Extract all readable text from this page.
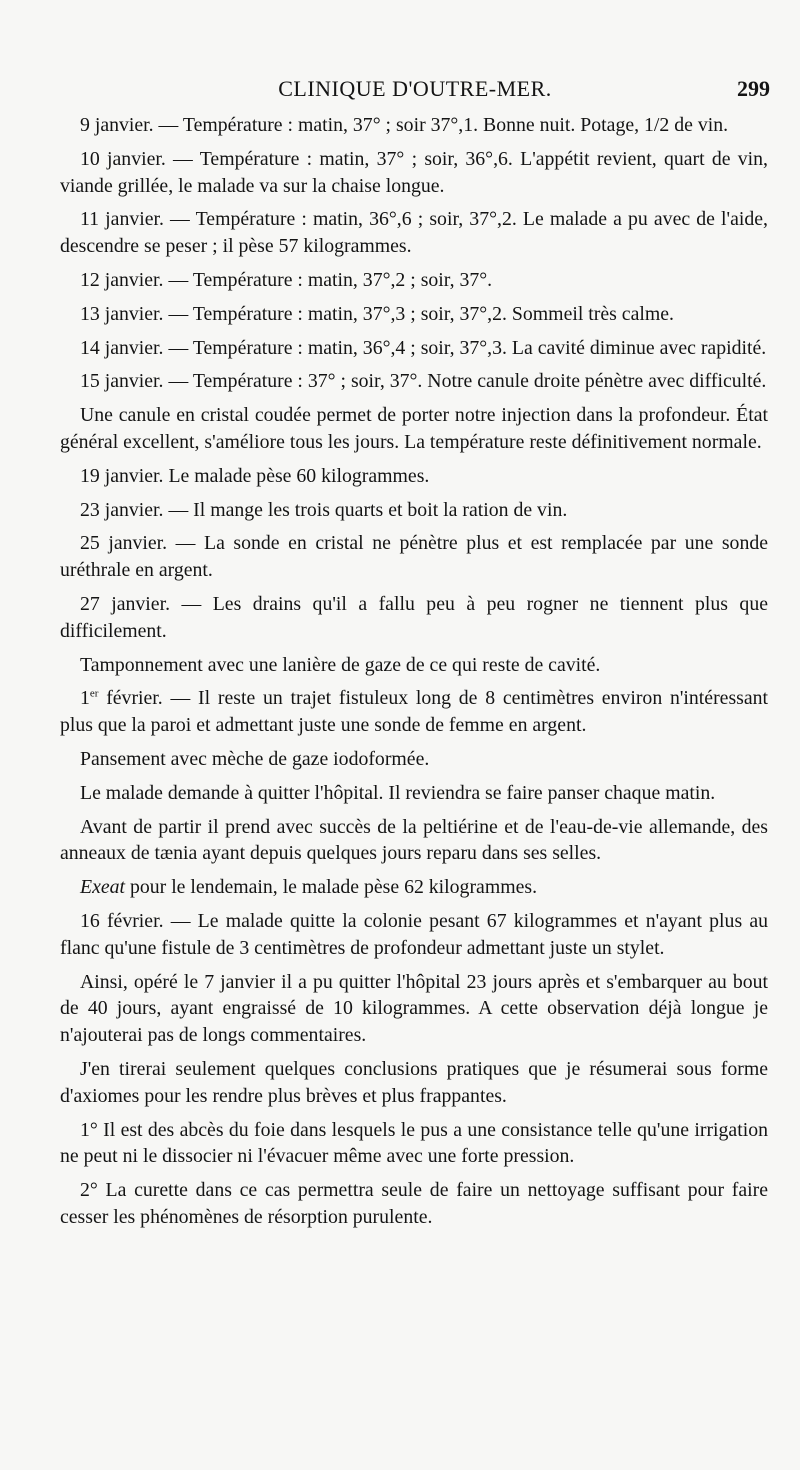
CLINIQUE D'OUTRE-MER.	299

9 janvier. — Température : matin, 37° ; soir 37°,1. Bonne nuit. Potage, 1/2 de vin.

10 janvier. — Température : matin, 37° ; soir, 36°,6. L'appétit revient, quart de vin, viande grillée, le malade va sur la chaise longue.

11 janvier. — Température : matin, 36°,6 ; soir, 37°,2. Le malade a pu avec de l'aide, descendre se peser ; il pèse 57 kilogrammes.

12 janvier. — Température : matin, 37°,2 ; soir, 37°.

13 janvier. — Température : matin, 37°,3 ; soir, 37°,2. Sommeil très calme.

14 janvier. — Température : matin, 36°,4 ; soir, 37°,3. La cavité diminue avec rapidité.

15 janvier. — Température : 37° ; soir, 37°. Notre canule droite pénètre avec difficulté.

Une canule en cristal coudée permet de porter notre injection dans la profondeur. État général excellent, s'améliore tous les jours. La température reste définitivement normale.

19 janvier. Le malade pèse 60 kilogrammes.

23 janvier. — Il mange les trois quarts et boit la ration de vin.

25 janvier. — La sonde en cristal ne pénètre plus et est remplacée par une sonde uréthrale en argent.

27 janvier. — Les drains qu'il a fallu peu à peu rogner ne tiennent plus que difficilement.

Tamponnement avec une lanière de gaze de ce qui reste de cavité.

1er février. — Il reste un trajet fistuleux long de 8 centimètres environ n'intéressant plus que la paroi et admettant juste une sonde de femme en argent.

Pansement avec mèche de gaze iodoformée.

Le malade demande à quitter l'hôpital. Il reviendra se faire panser chaque matin.

Avant de partir il prend avec succès de la peltiérine et de l'eau-de-vie allemande, des anneaux de tænia ayant depuis quelques jours reparu dans ses selles.

Exeat pour le lendemain, le malade pèse 62 kilogrammes.

16 février. — Le malade quitte la colonie pesant 67 kilogrammes et n'ayant plus au flanc qu'une fistule de 3 centimètres de profondeur admettant juste un stylet.

Ainsi, opéré le 7 janvier il a pu quitter l'hôpital 23 jours après et s'embarquer au bout de 40 jours, ayant engraissé de 10 kilogrammes. A cette observation déjà longue je n'ajouterai pas de longs commentaires.

J'en tirerai seulement quelques conclusions pratiques que je résumerai sous forme d'axiomes pour les rendre plus brèves et plus frappantes.

1° Il est des abcès du foie dans lesquels le pus a une consistance telle qu'une irrigation ne peut ni le dissocier ni l'évacuer même avec une forte pression.

2° La curette dans ce cas permettra seule de faire un nettoyage suffisant pour faire cesser les phénomènes de résorption purulente.
